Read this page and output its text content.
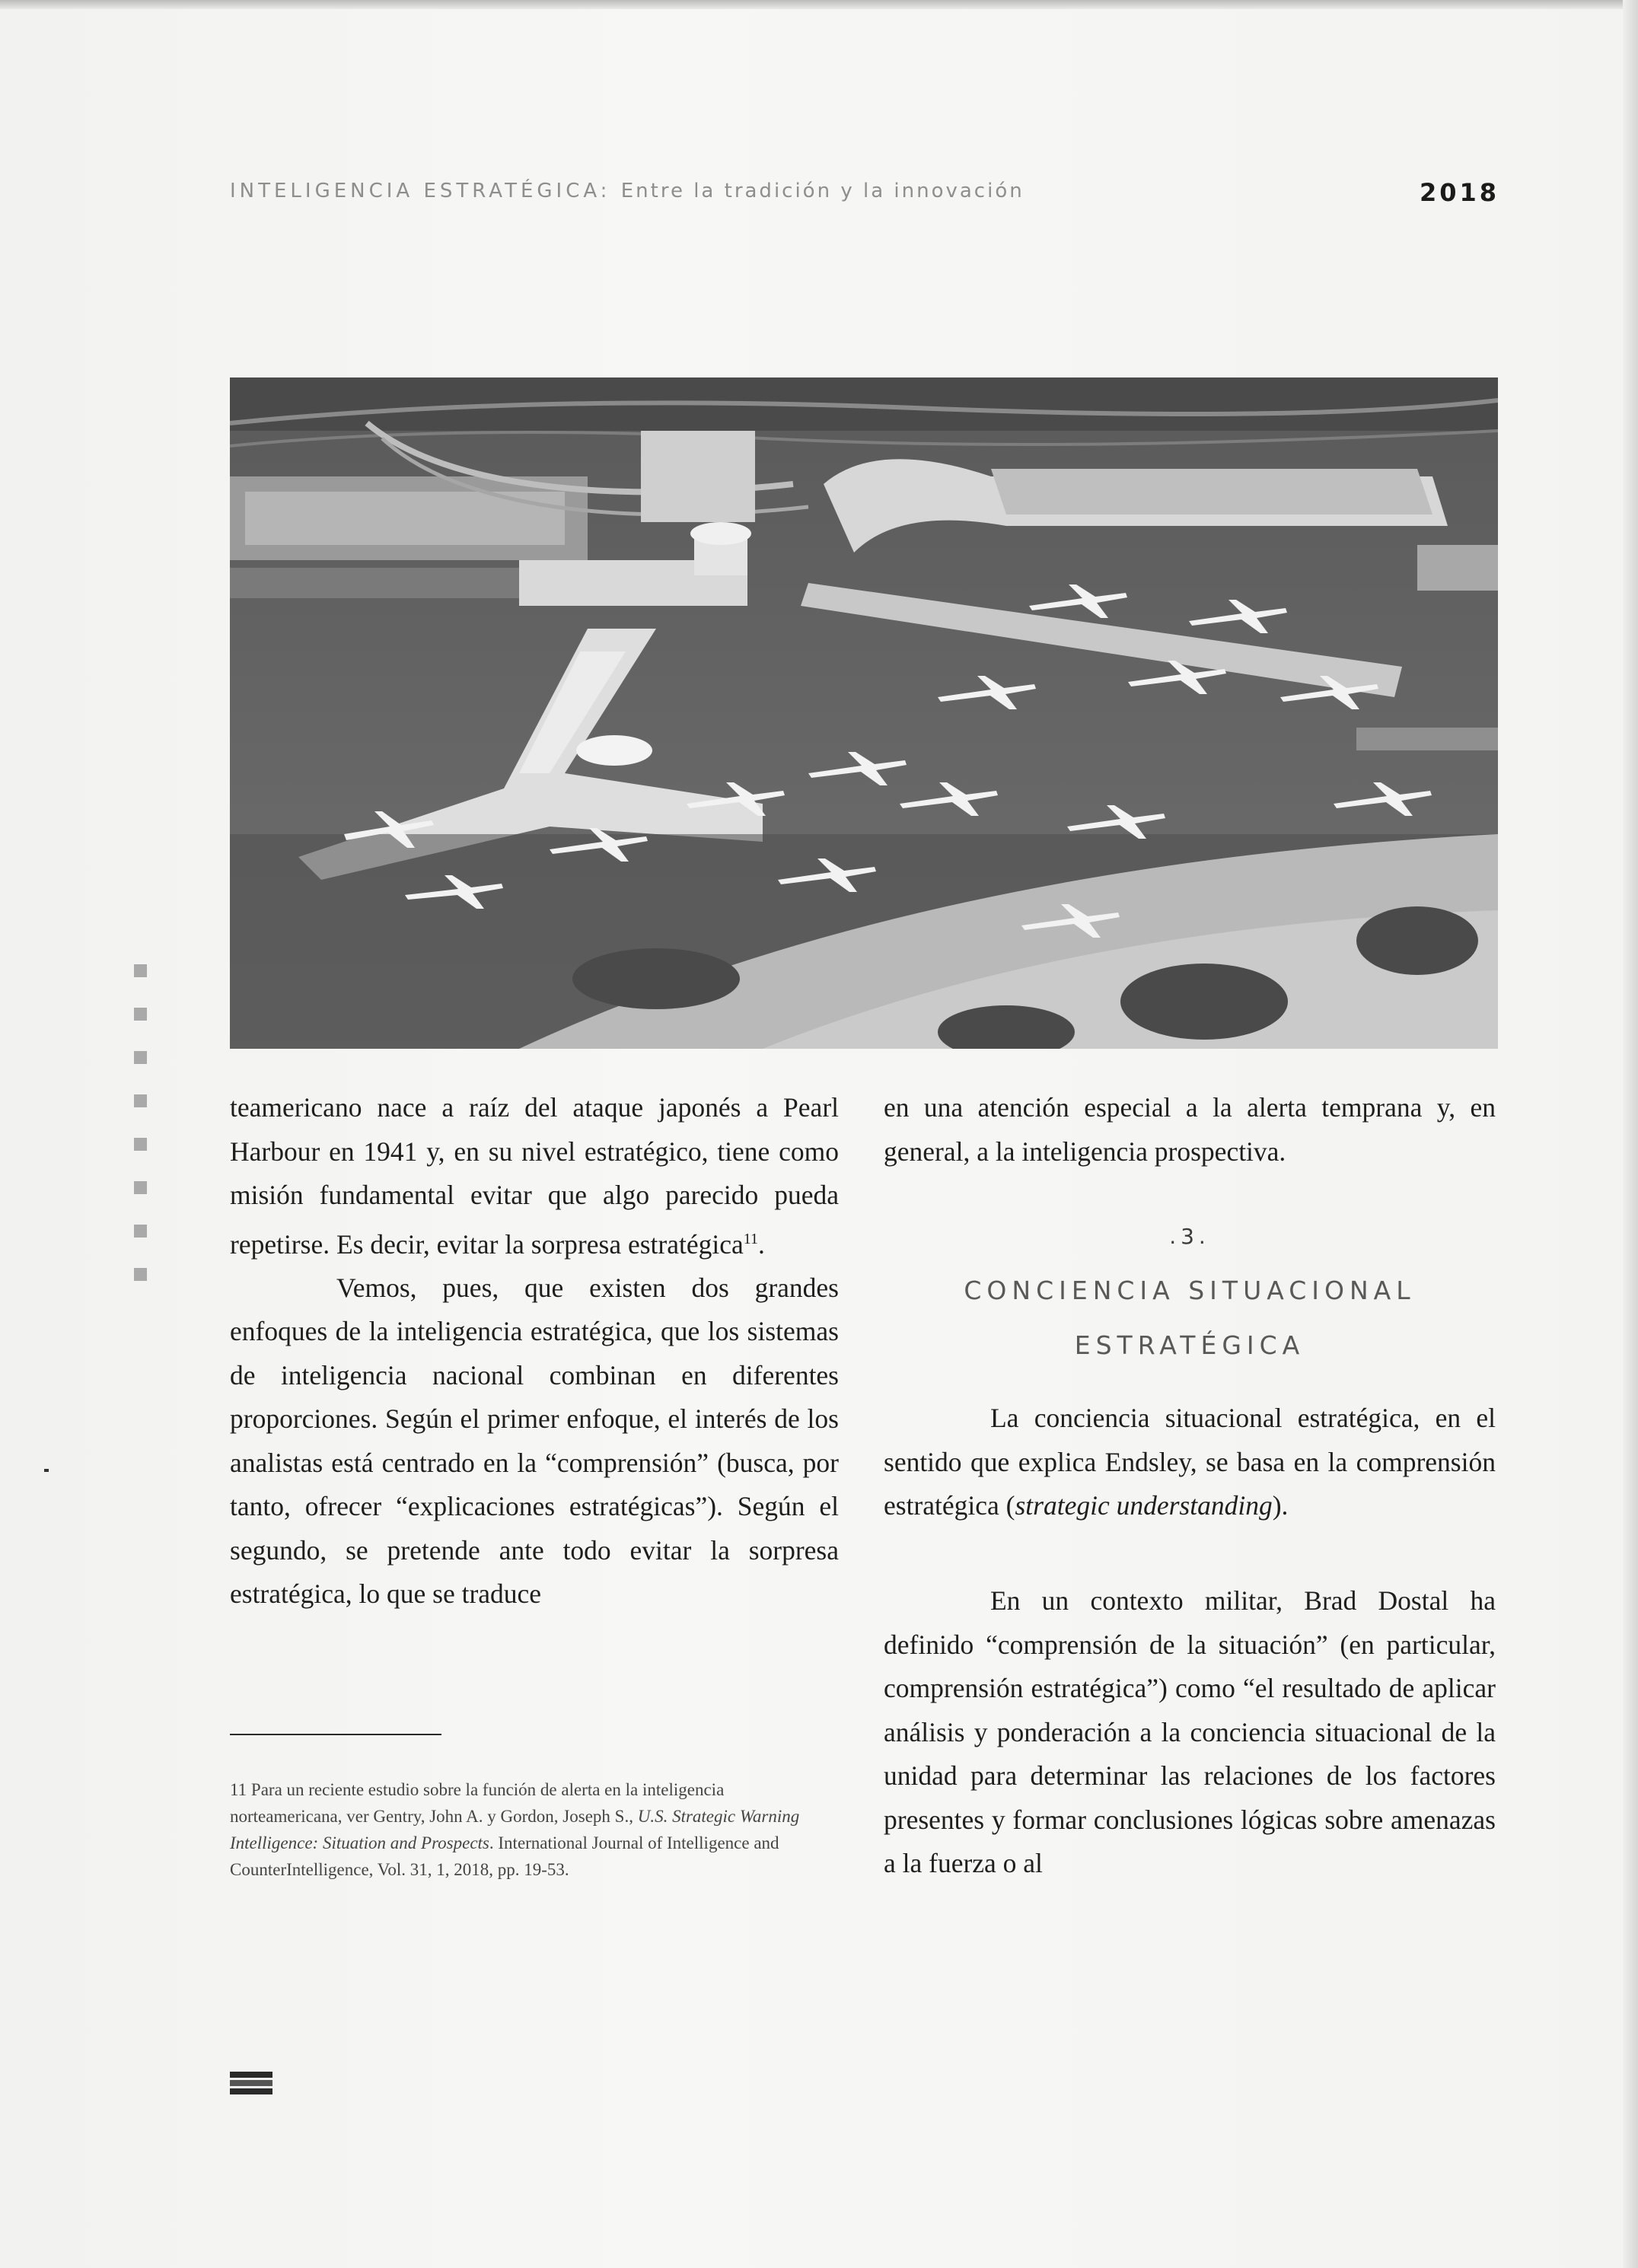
INTELIGENCIA ESTRATÉGICA: Entre la tradición y la innovación	2018

teamericano nace a raíz del ataque japonés a Pearl Harbour en 1941 y, en su nivel estratégico, tiene como misión fundamental evitar que algo parecido pueda repetirse. Es decir, evitar la sorpresa estratégica$^{11}$.

Vemos, pues, que existen dos grandes enfoques de la inteligencia estratégica, que los sistemas de inteligencia nacional combinan en diferentes proporciones. Según el primer enfoque, el interés de los analistas está centrado en la “comprensión” (busca, por tanto, ofrecer “explicaciones estratégicas”). Según el segundo, se pretende ante todo evitar la sorpresa estratégica, lo que se traduce

en una atención especial a la alerta temprana y, en general, a la inteligencia prospectiva.

.3.
CONCIENCIA SITUACIONAL
ESTRATÉGICA

La conciencia situacional estratégica, en el sentido que explica Endsley, se basa en la comprensión estratégica (strategic understanding).

En un contexto militar, Brad Dostal ha definido “comprensión de la situación” (en particular, comprensión estratégica”) como “el resultado de aplicar análisis y ponderación a la conciencia situacional de la unidad para determinar las relaciones de los factores presentes y formar conclusiones lógicas sobre amenazas a la fuerza o al

11 Para un reciente estudio sobre la función de alerta en la inteligencia norteamericana, ver Gentry, John A. y Gordon, Joseph S., U.S. Strategic Warning Intelligence: Situation and Prospects. International Journal of Intelligence and CounterIntelligence, Vol. 31, 1, 2018, pp. 19-53.
